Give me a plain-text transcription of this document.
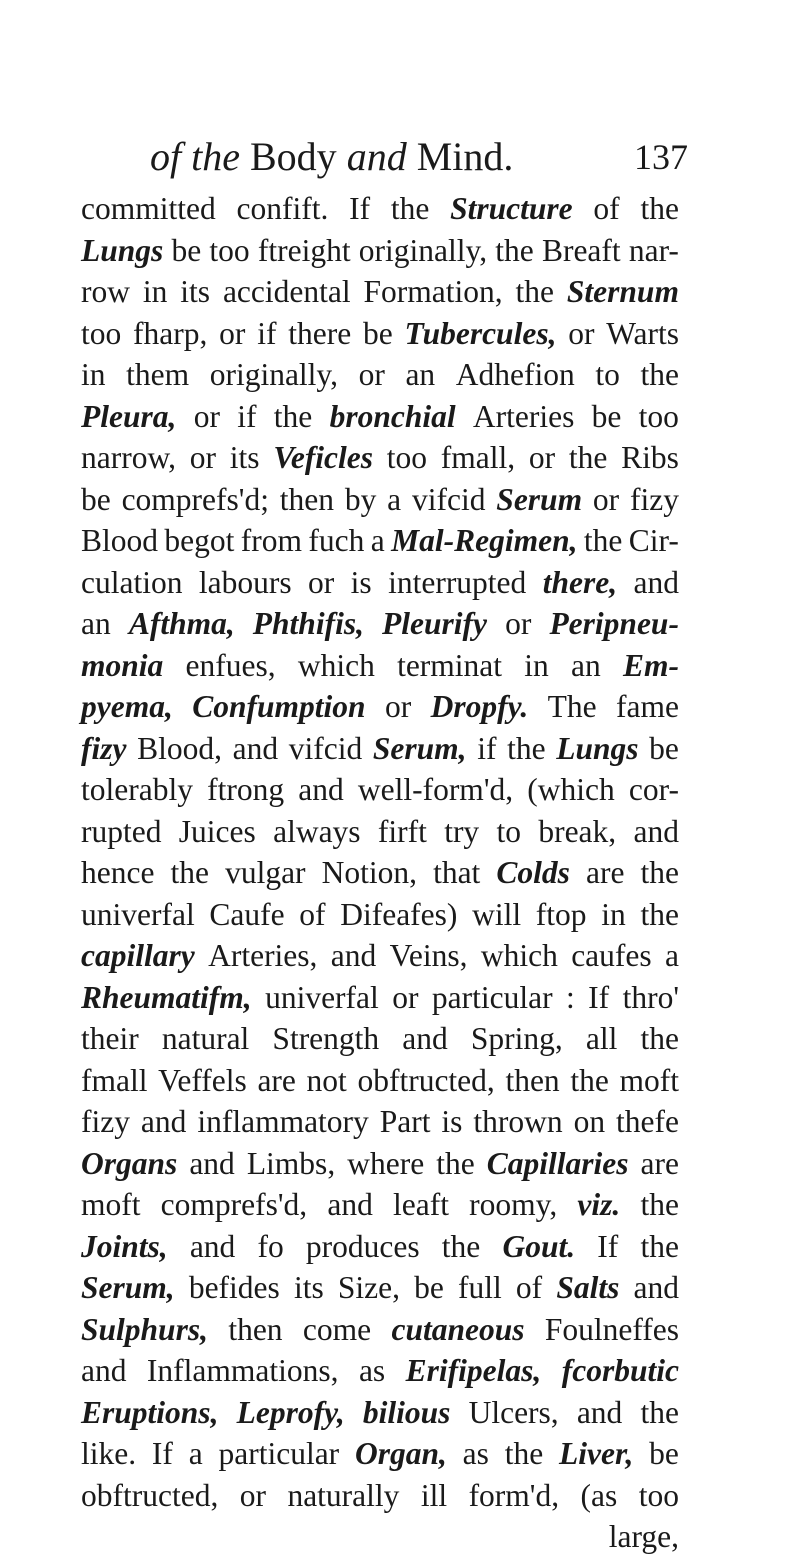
of the Body and Mind.	137
committed confift. If the Structure of the
Lungs be too ftreight originally, the Breaft nar-
row in its accidental Formation, the Sternum
too fharp, or if there be Tubercules, or Warts
in them originally, or an Adhefion to the
Pleura, or if the bronchial Arteries be too
narrow, or its Veficles too fmall, or the Ribs
be comprefs'd; then by a vifcid Serum or fizy
Blood begot from fuch a Mal-Regimen, the Cir-
culation labours or is interrupted there, and
an Afthma, Phthifis, Pleurify or Peripneu-
monia enfues, which terminat in an Em-
pyema, Confumption or Dropfy. The fame
fizy Blood, and vifcid Serum, if the Lungs be
tolerably ftrong and well-form'd, (which cor-
rupted Juices always firft try to break, and
hence the vulgar Notion, that Colds are the
univerfal Caufe of Difeafes) will ftop in the
capillary Arteries, and Veins, which caufes a
Rheumatifm, univerfal or particular : If thro'
their natural Strength and Spring, all the
fmall Veffels are not obftructed, then the moft
fizy and inflammatory Part is thrown on thefe
Organs and Limbs, where the Capillaries are
moft comprefs'd, and leaft roomy, viz. the
Joints, and fo produces the Gout. If the
Serum, befides its Size, be full of Salts and
Sulphurs, then come cutaneous Foulneffes
and Inflammations, as Erifipelas, fcorbutic
Eruptions, Leprofy, bilious Ulcers, and the
like. If a particular Organ, as the Liver, be
obftructed, or naturally ill form'd, (as too
large,
